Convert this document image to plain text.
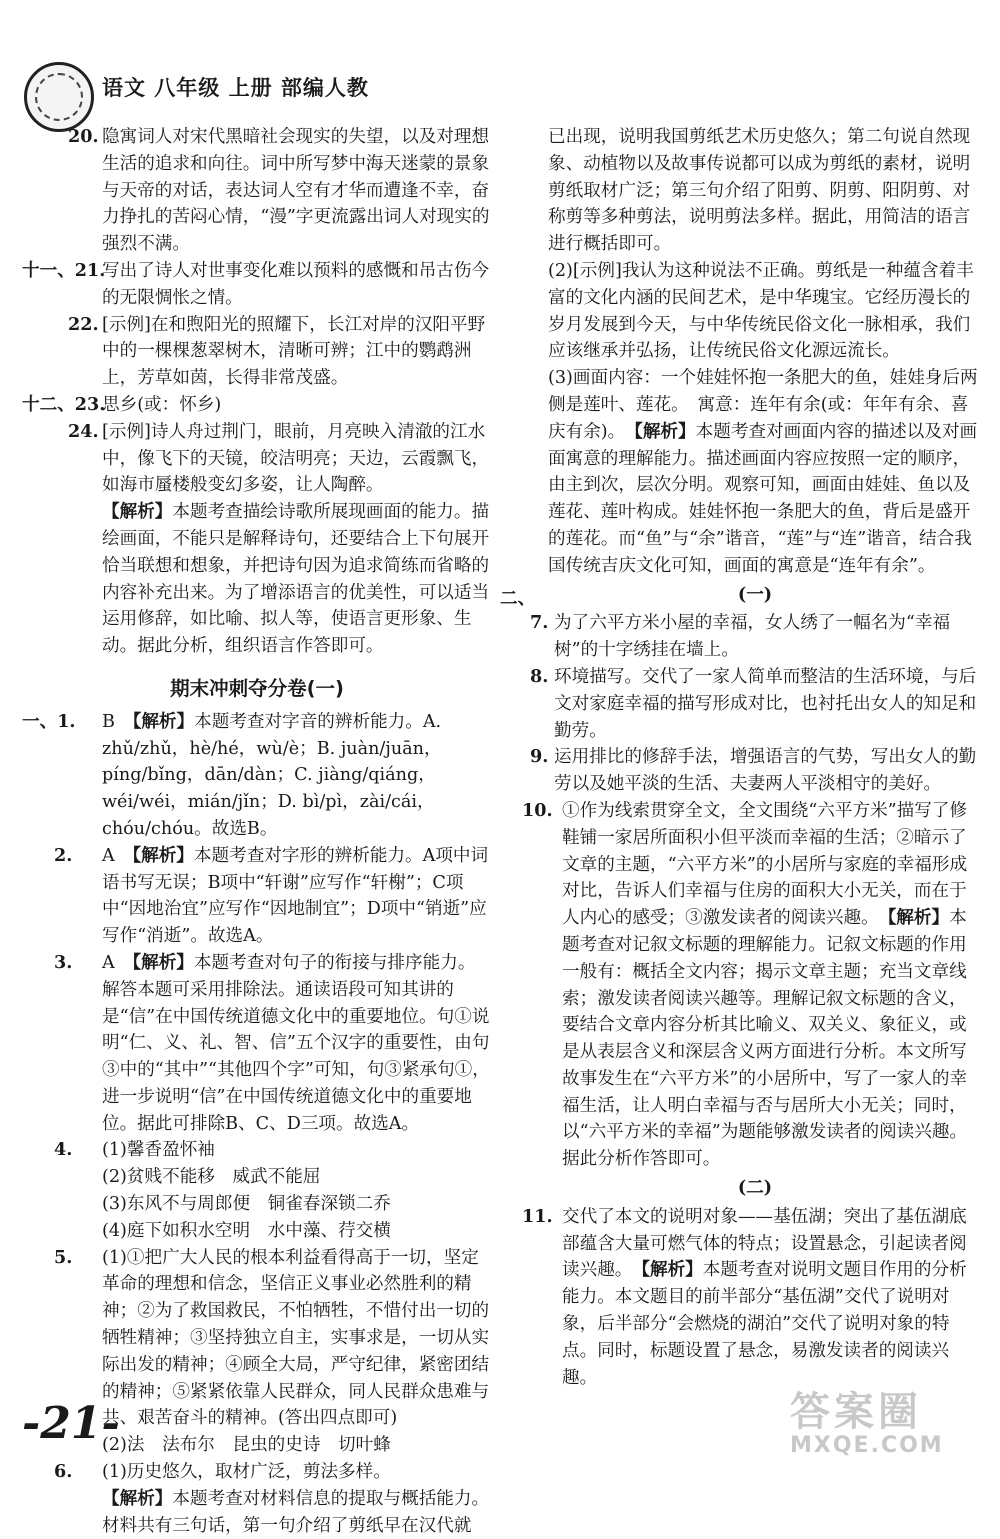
语文 八年级 上册 部编人教
20. 隐寓词人对宋代黑暗社会现实的失望，以及对理想生活的追求和向往。词中所写梦中海天迷蒙的景象与天帝的对话，表达词人空有才华而遭逢不幸，奋力挣扎的苦闷心情，“漫”字更流露出词人对现实的强烈不满。
十一、21.
写出了诗人对世事变化难以预料的感慨和吊古伤今的无限惆怅之情。
22. [示例]在和煦阳光的照耀下，长江对岸的汉阳平野中的一棵棵葱翠树木，清晰可辨；江中的鹦鹉洲上，芳草如茵，长得非常茂盛。
十二、23.
思乡(或：怀乡)
24. [示例]诗人舟过荆门，眼前，月亮映入清澈的江水中，像飞下的天镜，皎洁明亮；天边，云霞飘飞，如海市蜃楼般变幻多姿，让人陶醉。
【解析】本题考查描绘诗歌所展现画面的能力。描绘画面，不能只是解释诗句，还要结合上下句展开恰当联想和想象，并把诗句因为追求简练而省略的内容补充出来。为了增添语言的优美性，可以适当运用修辞，如比喻、拟人等，使语言更形象、生动。据此分析，组织语言作答即可。
期末冲刺夺分卷(一)
一、1. B　 【解析】本题考查对字音的辨析能力。A. zhǔ/zhǔ，hè/hé，wù/è；B. juàn/juān，píng/bǐng，dān/dàn；C. jiàng/qiáng，wéi/wéi，mián/jǐn；D. bì/pì，zài/cái，chóu/chóu。故选B。
2. A　 【解析】本题考查对字形的辨析能力。A项中词语书写无误；B项中“轩谢”应写作“轩榭”；C项中“因地治宜”应写作“因地制宜”；D项中“销逝”应写作“消逝”。故选A。
3. A　 【解析】本题考查对句子的衔接与排序能力。解答本题可采用排除法。通读语段可知其讲的是“信”在中国传统道德文化中的重要地位。句①说明“仁、义、礼、智、信”五个汉字的重要性，由句③中的“其中”“其他四个字”可知，句③紧承句①，进一步说明“信”在中国传统道德文化中的重要地位。据此可排除B、C、D三项。故选A。
4. (1)馨香盈怀袖
(2)贫贱不能移　威武不能屈
(3)东风不与周郎便　铜雀春深锁二乔
(4)庭下如积水空明　水中藻、荇交横
5. (1)①把广大人民的根本利益看得高于一切，坚定革命的理想和信念，坚信正义事业必然胜利的精神；②为了救国救民，不怕牺牲，不惜付出一切的牺牲精神；③坚持独立自主，实事求是，一切从实际出发的精神；④顾全大局，严守纪律，紧密团结的精神；⑤紧紧依靠人民群众，同人民群众患难与共、艰苦奋斗的精神。(答出四点即可)
(2)法　法布尔　昆虫的史诗　切叶蜂
6. (1)历史悠久，取材广泛，剪法多样。
【解析】本题考查对材料信息的提取与概括能力。材料共有三句话，第一句介绍了剪纸早在汉代就
已出现，说明我国剪纸艺术历史悠久；第二句说自然现象、动植物以及故事传说都可以成为剪纸的素材，说明剪纸取材广泛；第三句介绍了阳剪、阴剪、阳阴剪、对称剪等多种剪法，说明剪法多样。据此，用简洁的语言进行概括即可。
(2)[示例]我认为这种说法不正确。剪纸是一种蕴含着丰富的文化内涵的民间艺术，是中华瑰宝。它经历漫长的岁月发展到今天，与中华传统民俗文化一脉相承，我们应该继承并弘扬，让传统民俗文化源远流长。
(3)画面内容：一个娃娃怀抱一条肥大的鱼，娃娃身后两侧是莲叶、莲花。　寓意：连年有余(或：年年有余、喜庆有余)。　 【解析】本题考查对画面内容的描述以及对画面寓意的理解能力。描述画面内容应按照一定的顺序，由主到次，层次分明。观察可知，画面由娃娃、鱼以及莲花、莲叶构成。娃娃怀抱一条肥大的鱼，背后是盛开的莲花。而“鱼”与“余”谐音，“莲”与“连”谐音，结合我国传统吉庆文化可知，画面的寓意是“连年有余”。
二、	(一)
7. 为了六平方米小屋的幸福，女人绣了一幅名为“幸福树”的十字绣挂在墙上。
8. 环境描写。交代了一家人简单而整洁的生活环境，与后文对家庭幸福的描写形成对比，也衬托出女人的知足和勤劳。
9. 运用排比的修辞手法，增强语言的气势，写出女人的勤劳以及她平淡的生活、夫妻两人平淡相守的美好。
10. ①作为线索贯穿全文，全文围绕“六平方米”描写了修鞋铺一家居所面积小但平淡而幸福的生活；②暗示了文章的主题，“六平方米”的小居所与家庭的幸福形成对比，告诉人们幸福与住房的面积大小无关，而在于人内心的感受；③激发读者的阅读兴趣。　 【解析】本题考查对记叙文标题的理解能力。记叙文标题的作用一般有：概括全文内容；揭示文章主题；充当文章线索；激发读者阅读兴趣等。理解记叙文标题的含义，要结合文章内容分析其比喻义、双关义、象征义，或是从表层含义和深层含义两方面进行分析。本文所写故事发生在“六平方米”的小居所中，写了一家人的幸福生活，让人明白幸福与否与居所大小无关；同时，以“六平方米的幸福”为题能够激发读者的阅读兴趣。据此分析作答即可。
(二)
11. 交代了本文的说明对象——基伍湖；突出了基伍湖底部蕴含大量可燃气体的特点；设置悬念，引起读者阅读兴趣。　 【解析】本题考查对说明文题目作用的分析能力。本文题目的前半部分“基伍湖”交代了说明对象，后半部分“会燃烧的湖泊”交代了说明对象的特点。同时，标题设置了悬念，易激发读者的阅读兴趣。
-21-	答案圈
MXQE.COM
